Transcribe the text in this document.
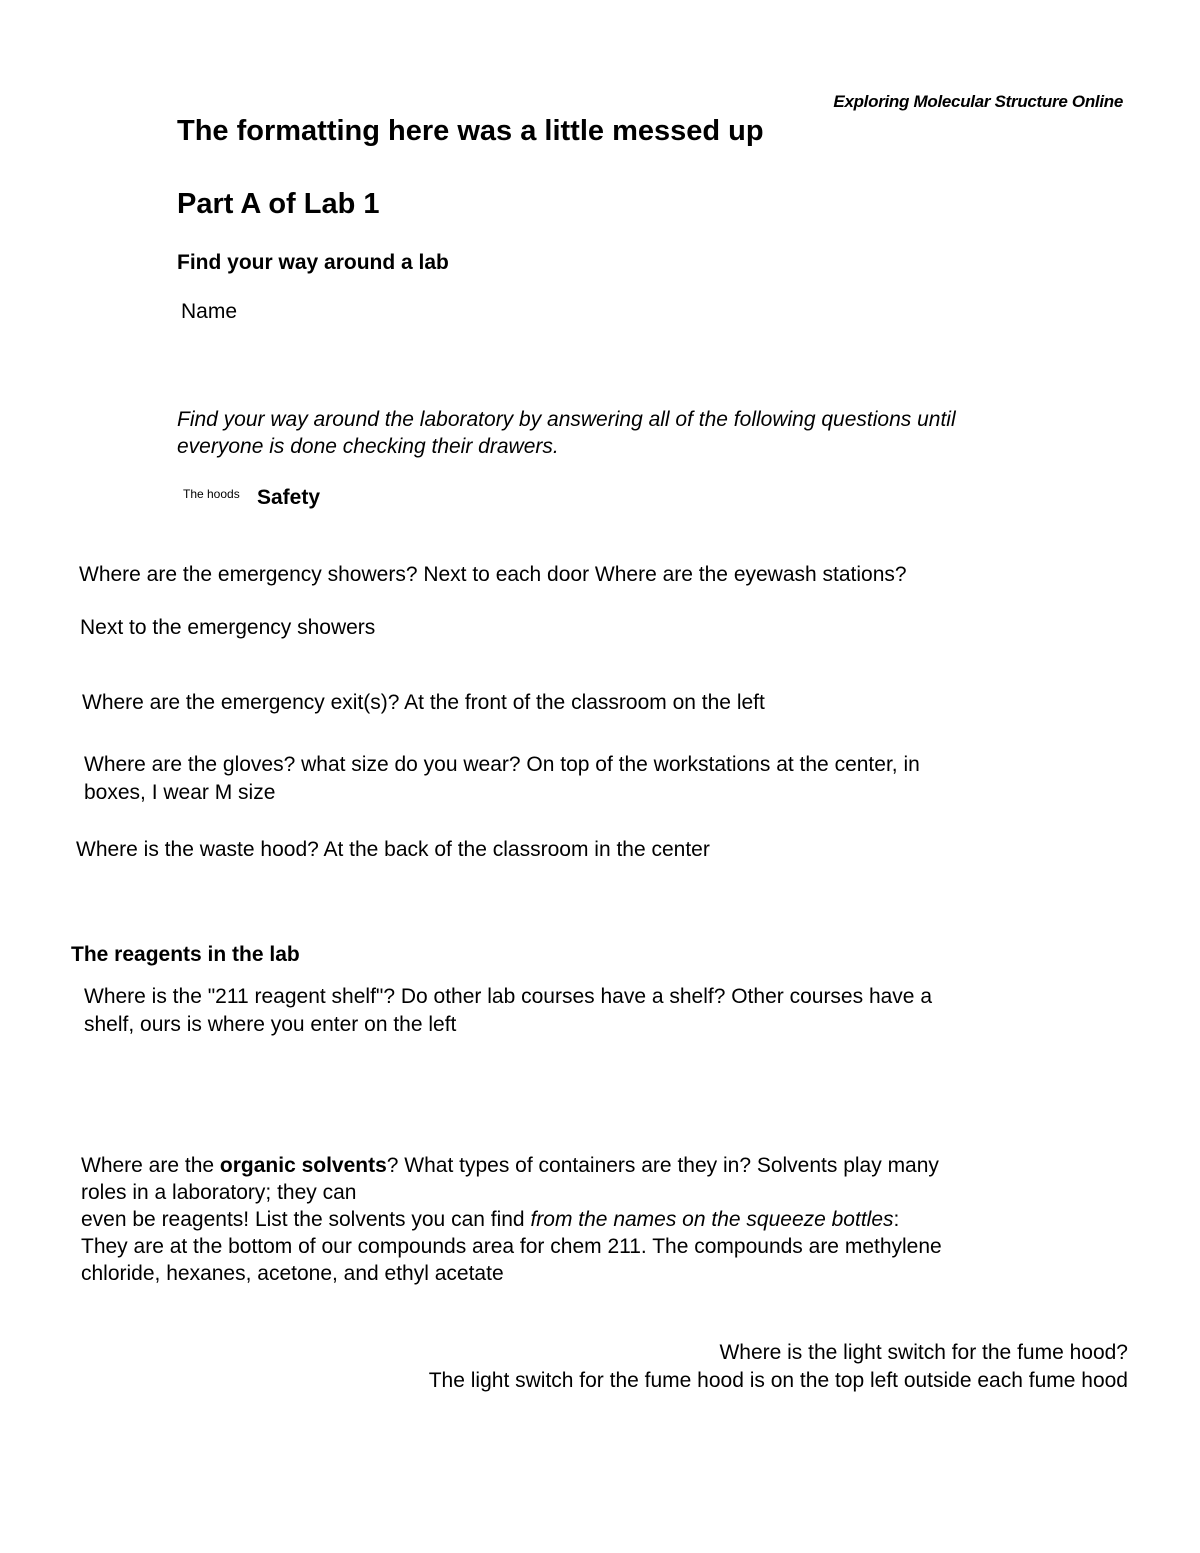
Exploring Molecular Structure Online

The formatting here was a little messed up
Part A of Lab 1
Find your way around a lab

Name

Find your way around the laboratory by answering all of the following questions until
everyone is done checking their drawers.
The hoods Safety

Where are the emergency showers? Next to each door Where are the eyewash stations?

Next to the emergency showers

Where are the emergency exit(s)? At the front of the classroom on the left

Where are the gloves? what size do you wear? On top of the workstations at the center, in
boxes, I wear M size

Where is the waste hood? At the back of the classroom in the center

The reagents in the lab
Where is the "211 reagent shelf"? Do other lab courses have a shelf? Other courses have a
shelf, ours is where you enter on the left
Where are the organic solvents? What types of containers are they in? Solvents play many
roles in a laboratory; they can
even be reagents! List the solvents you can find from the names on the squeeze bottles:
They are at the bottom of our compounds area for chem 211. The compounds are methylene
chloride, hexanes, acetone, and ethyl acetate
Where is the light switch for the fume hood?
The light switch for the fume hood is on the top left outside each fume hood
